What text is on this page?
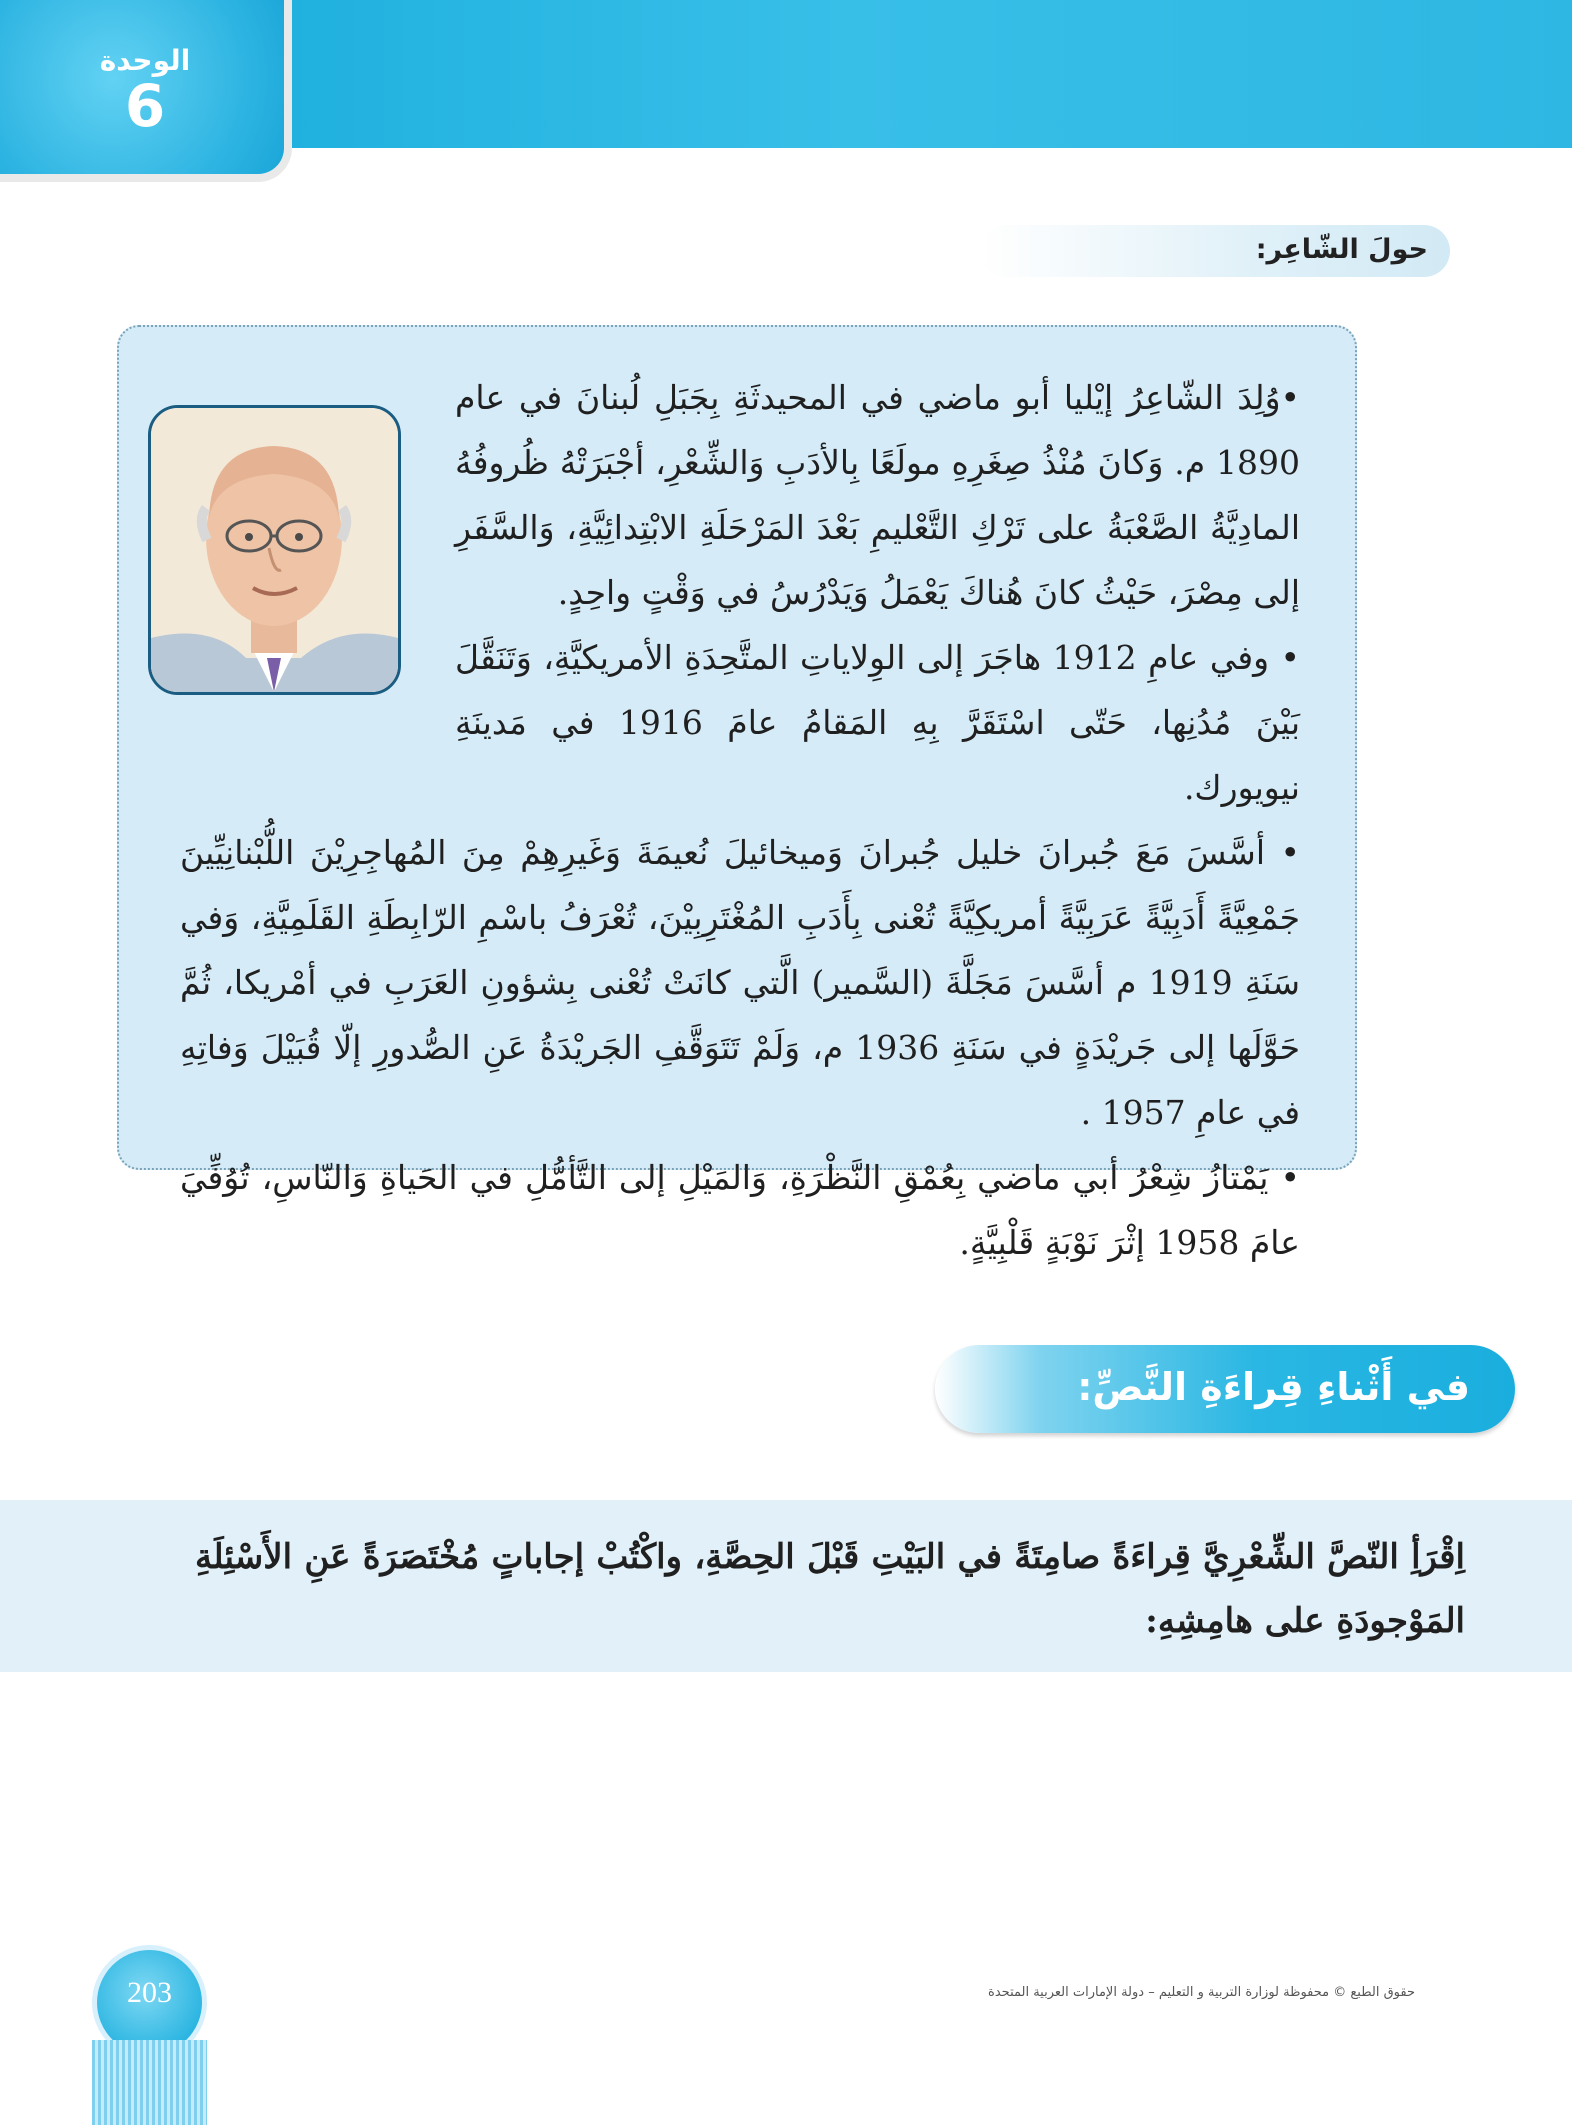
الوحدة
6
حولَ الشّاعِر:

•وُلِدَ الشّاعِرُ إيْليا أبو ماضي في المحيدثَةِ بِجَبَلِ لُبنانَ في عام 1890 م. وَكانَ مُنْذُ صِغَرِهِ مولَعًا بِالأدَبِ وَالشِّعْرِ، أجْبَرَتْهُ ظُروفُهُ المادِيَّةُ الصَّعْبَةُ على تَرْكِ التَّعْليمِ بَعْدَ المَرْحَلَةِ الابْتِدائِيَّةِ، وَالسَّفَرِ إلى مِصْرَ، حَيْثُ كانَ هُناكَ يَعْمَلُ وَيَدْرُسُ في وَقْتٍ واحِدٍ.

• وفي عامِ 1912 هاجَرَ إلى الوِلاياتِ المتَّحِدَةِ الأمريكيَّةِ، وَتَنَقَّلَ بَيْنَ مُدُنِها، حَتّى اسْتَقَرَّ بِهِ المَقامُ عامَ 1916 في مَدينَةِ نيويورك.

• أسَّسَ مَعَ جُبرانَ خليل جُبرانَ وَميخائيلَ نُعيمَةَ وَغَيرِهِمْ مِنَ المُهاجِرِيْنَ اللُّبْنانِيِّينَ جَمْعِيَّةً أَدَبِيَّةً عَرَبِيَّةً أمريكِيَّةً تُعْنى بِأَدَبِ المُغْتَرِبِيْنَ، تُعْرَفُ باسْمِ الرّابِطَةِ القَلَمِيَّةِ، وَفي سَنَةِ 1919 م أسَّسَ مَجَلَّةَ (السَّمير) الَّتي كانَتْ تُعْنى بِشؤونِ العَرَبِ في أمْريكا، ثُمَّ حَوَّلَها إلى جَريْدَةٍ في سَنَةِ 1936 م، وَلَمْ تَتَوَقَّفِ الجَريْدَةُ عَنِ الصُّدورِ إلّا قُبَيْلَ وَفاتِهِ في عامِ 1957 .

• يَمْتازُ شِعْرُ أبي ماضي بِعُمْقِ النَّظْرَةِ، وَالمَيْلِ إلى التَّأمُّلِ في الحَياةِ وَالنّاسِ، تُوُفِّيَ عامَ 1958 إثْرَ نَوْبَةٍ قَلْبِيَّةٍ.

في أَثْناءِ قِراءَةِ النَّصِّ:
اِقْرَأِ النّصَّ الشِّعْرِيَّ قِراءَةً صامِتَةً في البَيْتِ قَبْلَ الحِصَّةِ، واكْتُبْ إجاباتٍ مُخْتَصَرَةً عَنِ الأَسْئِلَةِ المَوْجودَةِ على هامِشِهِ:
203	حقوق الطبع © محفوظة لوزارة التربية و التعليم – دولة الإمارات العربية المتحدة
